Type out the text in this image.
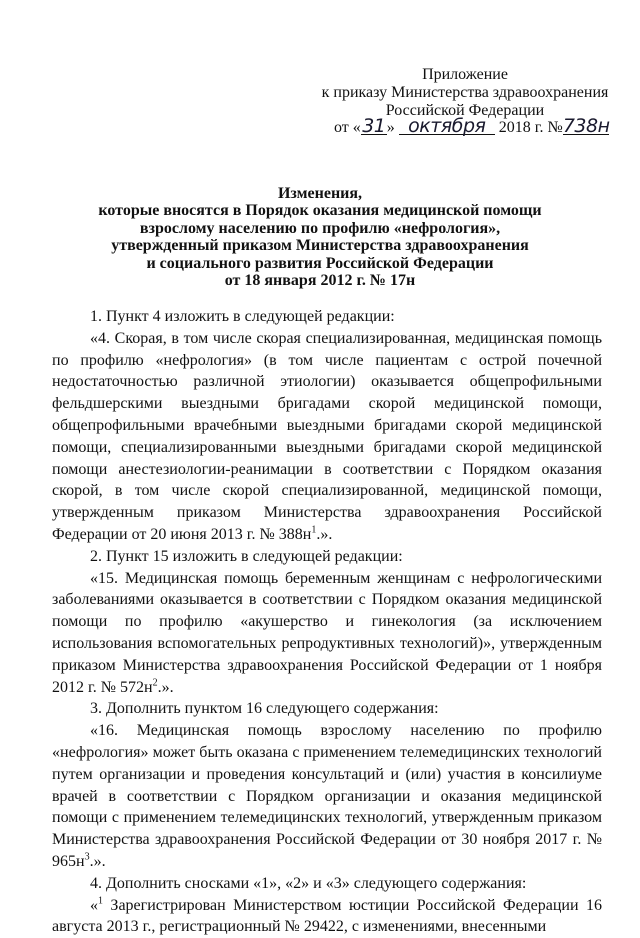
Приложение
к приказу Министерства здравоохранения
Российской Федерации
от «31» октября 2018 г. №738н
Изменения,
которые вносятся в Порядок оказания медицинской помощи
взрослому населению по профилю «нефрология»,
утвержденный приказом Министерства здравоохранения
и социального развития Российской Федерации
от 18 января 2012 г. № 17н

1. Пункт 4 изложить в следующей редакции:

«4. Скорая, в том числе скорая специализированная, медицинская помощь по профилю «нефрология» (в том числе пациентам с острой почечной недостаточностью различной этиологии) оказывается общепрофильными фельдшерскими выездными бригадами скорой медицинской помощи, общепрофильными врачебными выездными бригадами скорой медицинской помощи, специализированными выездными бригадами скорой медицинской помощи анестезиологии-реанимации в соответствии с Порядком оказания скорой, в том числе скорой специализированной, медицинской помощи, утвержденным приказом Министерства здравоохранения Российской Федерации от 20 июня 2013 г. № $388н^1$.».

2. Пункт 15 изложить в следующей редакции:

«15. Медицинская помощь беременным женщинам с нефрологическими заболеваниями оказывается в соответствии с Порядком оказания медицинской помощи по профилю «акушерство и гинекология (за исключением использования вспомогательных репродуктивных технологий)», утвержденным приказом Министерства здравоохранения Российской Федерации от 1 ноября 2012 г. № $572н^2$.».

3. Дополнить пунктом 16 следующего содержания:

«16. Медицинская помощь взрослому населению по профилю «нефрология» может быть оказана с применением телемедицинских технологий путем организации и проведения консультаций и (или) участия в консилиуме врачей в соответствии с Порядком организации и оказания медицинской помощи с применением телемедицинских технологий, утвержденным приказом Министерства здравоохранения Российской Федерации от 30 ноября 2017 г. № $965н^3$.».

4. Дополнить сносками «1», «2» и «3» следующего содержания:

«$^1$ Зарегистрирован Министерством юстиции Российской Федерации 16 августа 2013 г., регистрационный № 29422, с изменениями, внесенными
